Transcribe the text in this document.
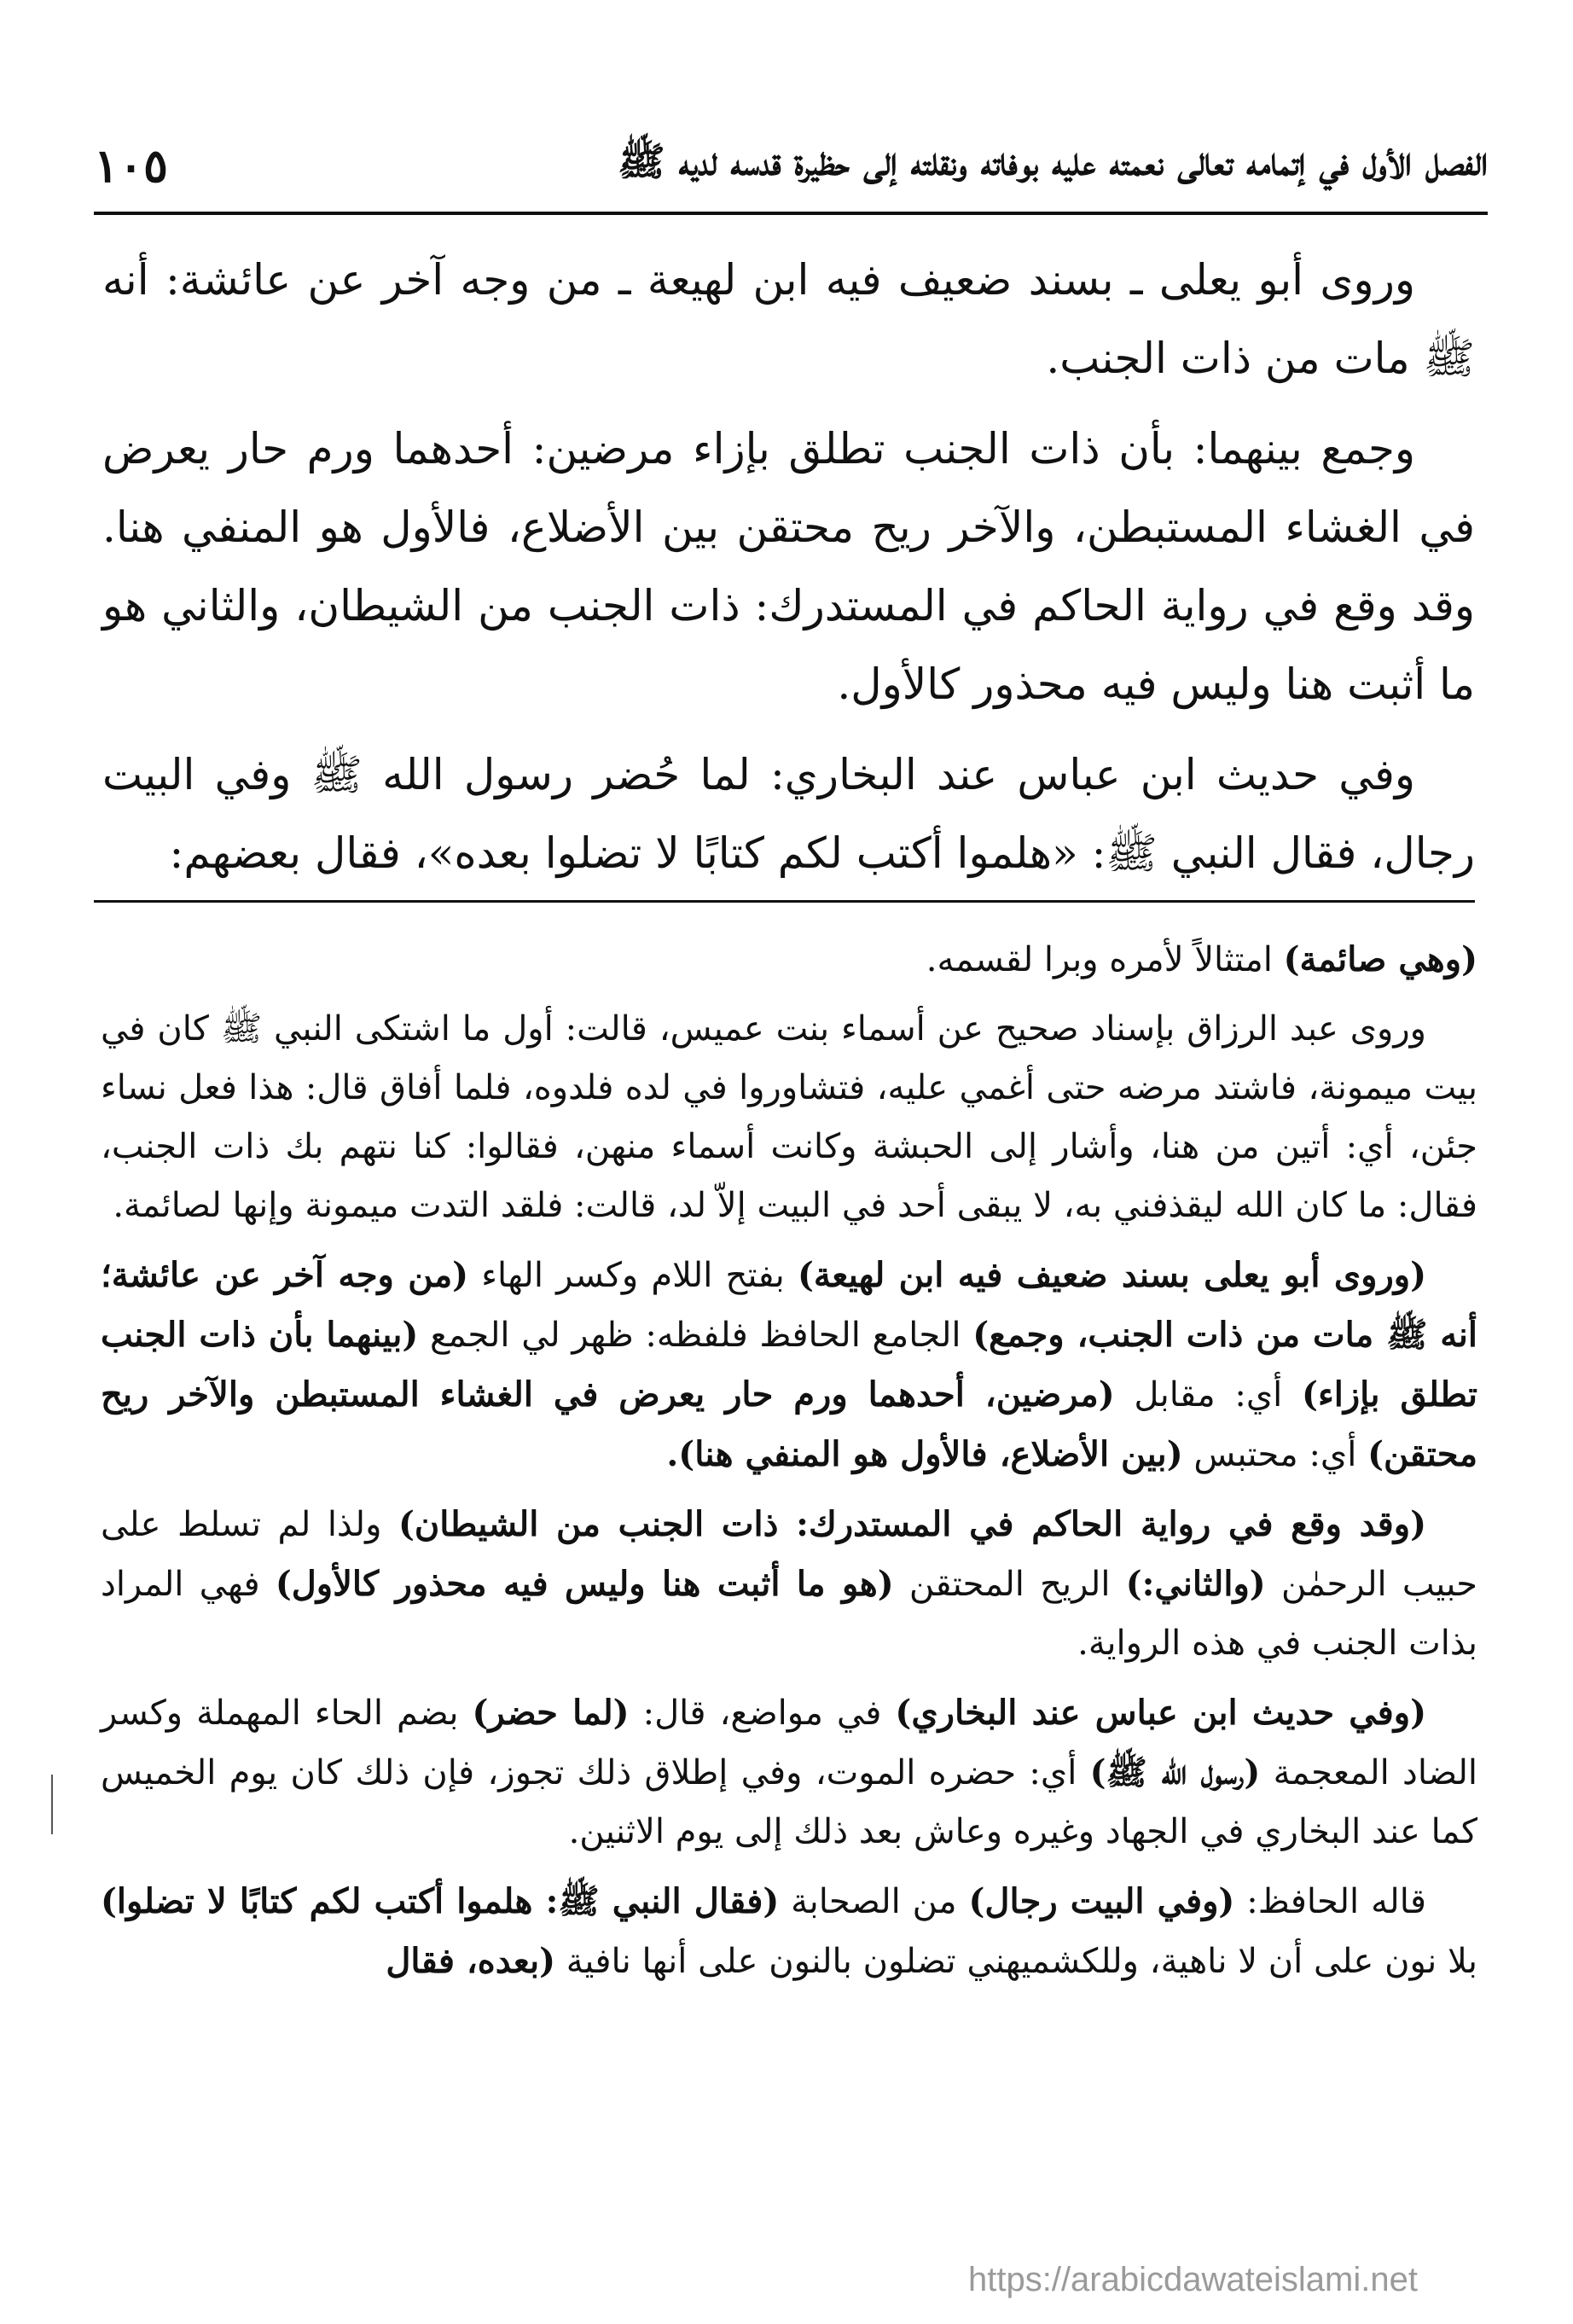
الفصل الأول في إتمامه تعالى نعمته عليه بوفاته ونقلته إلى حظيرة قدسه لديه ﷺ
١٠٥

وروى أبو يعلى ـ بسند ضعيف فيه ابن لهيعة ـ من وجه آخر عن عائشة: أنه ﷺ مات من ذات الجنب.

وجمع بينهما: بأن ذات الجنب تطلق بإزاء مرضين: أحدهما ورم حار يعرض في الغشاء المستبطن، والآخر ريح محتقن بين الأضلاع، فالأول هو المنفي هنا. وقد وقع في رواية الحاكم في المستدرك: ذات الجنب من الشيطان، والثاني هو ما أثبت هنا وليس فيه محذور كالأول.

وفي حديث ابن عباس عند البخاري: لما حُضر رسول الله ﷺ وفي البيت رجال، فقال النبي ﷺ: «هلموا أكتب لكم كتابًا لا تضلوا بعده»، فقال بعضهم:

(وهي صائمة) امتثالاً لأمره وبرا لقسمه.

وروى عبد الرزاق بإسناد صحيح عن أسماء بنت عميس، قالت: أول ما اشتكى النبي ﷺ كان في بيت ميمونة، فاشتد مرضه حتى أغمي عليه، فتشاوروا في لده فلدوه، فلما أفاق قال: هذا فعل نساء جئن، أي: أتين من هنا، وأشار إلى الحبشة وكانت أسماء منهن، فقالوا: كنا نتهم بك ذات الجنب، فقال: ما كان الله ليقذفني به، لا يبقى أحد في البيت إلاّ لد، قالت: فلقد التدت ميمونة وإنها لصائمة.

(وروى أبو يعلى بسند ضعيف فيه ابن لهيعة) بفتح اللام وكسر الهاء (من وجه آخر عن عائشة؛ أنه ﷺ مات من ذات الجنب، وجمع) الجامع الحافظ فلفظه: ظهر لي الجمع (بينهما بأن ذات الجنب تطلق بإزاء) أي: مقابل (مرضين، أحدهما ورم حار يعرض في الغشاء المستبطن والآخر ريح محتقن) أي: محتبس (بين الأضلاع، فالأول هو المنفي هنا).

(وقد وقع في رواية الحاكم في المستدرك: ذات الجنب من الشيطان) ولذا لم تسلط على حبيب الرحمٰن (والثاني:) الريح المحتقن (هو ما أثبت هنا وليس فيه محذور كالأول) فهي المراد بذات الجنب في هذه الرواية.

(وفي حديث ابن عباس عند البخاري) في مواضع، قال: (لما حضر) بضم الحاء المهملة وكسر الضاد المعجمة (رسول الله ﷺ) أي: حضره الموت، وفي إطلاق ذلك تجوز، فإن ذلك كان يوم الخميس كما عند البخاري في الجهاد وغيره وعاش بعد ذلك إلى يوم الاثنين.

قاله الحافظ: (وفي البيت رجال) من الصحابة (فقال النبي ﷺ: هلموا أكتب لكم كتابًا لا تضلوا) بلا نون على أن لا ناهية، وللكشميهني تضلون بالنون على أنها نافية (بعده، فقال

https://arabicdawateislami.net
